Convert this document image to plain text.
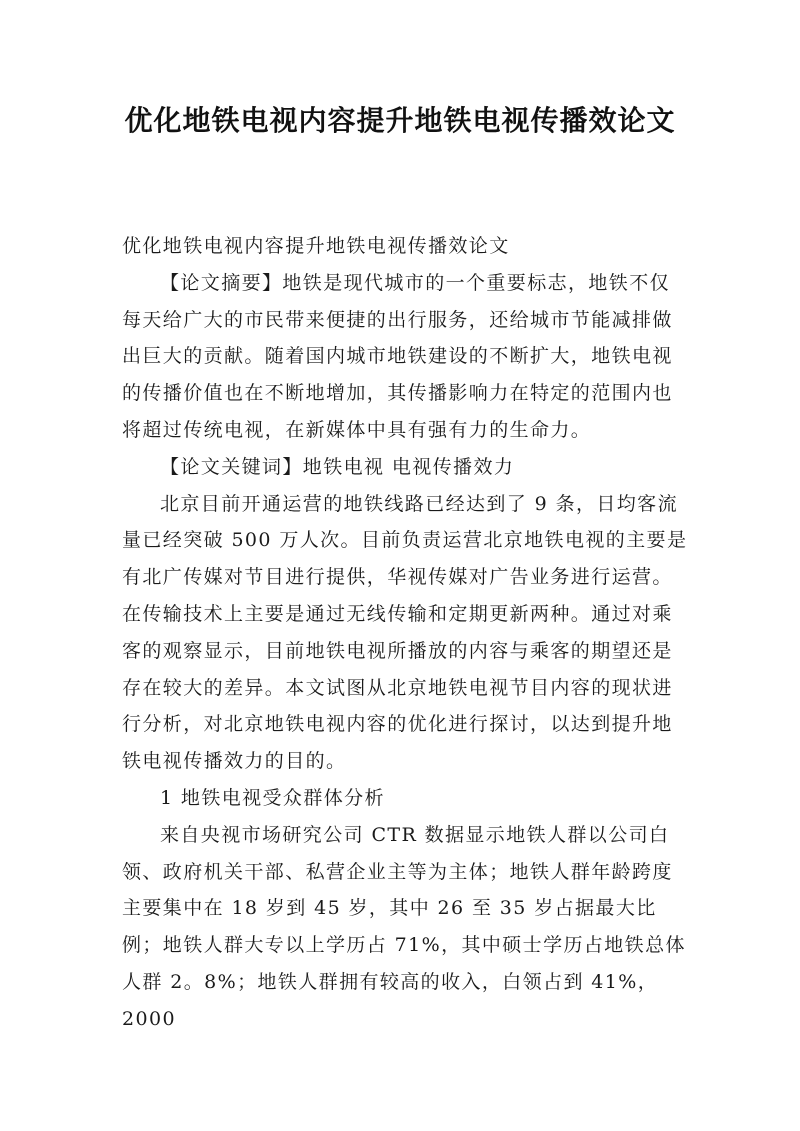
优化地铁电视内容提升地铁电视传播效论文

优化地铁电视内容提升地铁电视传播效论文

【论文摘要】地铁是现代城市的一个重要标志，地铁不仅每天给广大的市民带来便捷的出行服务，还给城市节能减排做出巨大的贡献。随着国内城市地铁建设的不断扩大，地铁电视的传播价值也在不断地增加，其传播影响力在特定的范围内也将超过传统电视，在新媒体中具有强有力的生命力。

【论文关键词】地铁电视 电视传播效力

北京目前开通运营的地铁线路已经达到了 9 条，日均客流量已经突破 500 万人次。目前负责运营北京地铁电视的主要是有北广传媒对节目进行提供，华视传媒对广告业务进行运营。在传输技术上主要是通过无线传输和定期更新两种。通过对乘客的观察显示，目前地铁电视所播放的内容与乘客的期望还是存在较大的差异。本文试图从北京地铁电视节目内容的现状进行分析，对北京地铁电视内容的优化进行探讨，以达到提升地铁电视传播效力的目的。

1 地铁电视受众群体分析

来自央视市场研究公司 CTR 数据显示地铁人群以公司白领、政府机关干部、私营企业主等为主体；地铁人群年龄跨度主要集中在 18 岁到 45 岁，其中 26 至 35 岁占据最大比例；地铁人群大专以上学历占 71%，其中硕士学历占地铁总体人群 2。8%；地铁人群拥有较高的收入，白领占到 41%，2000
